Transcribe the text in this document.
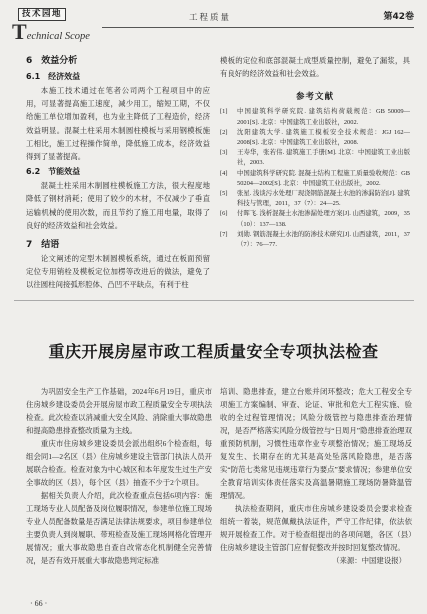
技术园地
Technical Scope
工程质量	第42卷
6　效益分析
6.1　经济效益

本施工技术通过在笔者公司两个工程项目中的应用，可显著提高施工速度，减少用工，缩短工期，不仅给施工单位增加盈利，也为业主降低了工程造价，经济效益明显。混凝土柱采用木制圆柱模板与采用钢模板施工相比，施工过程操作简单，降低施工成本，经济效益得到了显著提高。

6.2　节能效益

混凝土柱采用木制圆柱模板施工方法，很大程度地降低了钢材消耗；使用了较少的木材，不仅减少了垂直运输机械的使用次数，而且节约了施工用电量，取得了良好的经济效益和社会效益。

7　结语

论文阐述的定型木制圆模板系统，通过在板面预留定位专用销栓及模板定位加楞等改进后的做法，避免了以往圆柱间接弧形腔体、凸凹不平缺点，有利于柱

模板的定位和底部混凝土成型质量控制，避免了漏浆，具有良好的经济效益和社会效益。

参考文献
[1] 中国建筑科学研究院. 建筑结构荷载规范：GB 50009—2001[S]. 北京：中国建筑工业出版社，2002.
[2] 沈阳建筑大学. 建筑施工模板安全技术规范：JGJ 162—2008[S]. 北京：中国建筑工业出版社，2008.
[3] 王寿华，张若伟. 建筑施工手册[M]. 北京：中国建筑工业出版社，2003.
[4] 中国建筑科学研究院. 混凝土结构工程施工质量验收规范：GB 50204—2002[S]. 北京：中国建筑工业出版社，2002.
[5] 张星. 浅谈污水处理厂现浇钢筋混凝土水池的渗漏防治[J]. 建筑科技与管理，2011，37（7）：24—25.
[6] 付晖飞. 浅析混凝土水池渗漏处理方案[J]. 山西建筑，2009，35（10）：137—138.
[7] 刘勋. 钢筋混凝土水池的防渗技术研究[J]. 山西建筑，2011，37（7）：76—77.
重庆开展房屋市政工程质量安全专项执法检查

为巩固安全生产工作基础，2024年6月19日，重庆市住房城乡建设委员会开展房屋市政工程质量安全专项执法检查。此次检查以消减重大安全风险、消除重大事故隐患和提高隐患排查整改质量为主线。

重庆市住房城乡建设委员会派出组织6个检查组，每组会同1—2名区（县）住房城乡建设主管部门执法人员开展联合检查。检查对象为中心城区和本年度发生过生产安全事故的区（县），每个区（县）抽查不少于2个项目。

据相关负责人介绍，此次检查重点包括6项内容：施工现场专业人员配备及岗位履职情况，参建单位施工现场专业人员配备数量是否满足法律法规要求，项目参建单位主要负责人到岗履职、带班检查及施工现场网格化管理开展情况；重大事故隐患自查自改常态化机制健全完善情况，是否有效开展重大事故隐患判定标准

培训、隐患排查，建立台账并闭环整改；危大工程安全专项施工方案编制、审查、论证、审批和危大工程实施、验收的全过程管理情况；风险分级管控与隐患排查治理情况，是否严格落实风险分级管控与“日周月”隐患排查治理双重预防机制，习惯性违章作业专项整治情况；施工现场反复发生、长期存在的尤其是高处坠落风险隐患，是否落实“防范七类常见违规违章行为要点”要求情况；参建单位安全教育培训实体责任落实及高温暑期施工现场防暑降温管理情况。

执法检查期间，重庆市住房城乡建设委员会要求检查组统一着装，规范佩戴执法证件，严守工作纪律，依法依规开展检查工作。对于检查组提出的各项问题，各区（县）住房城乡建设主管部门应督促整改并按时回复整改情况。

（来源：中国建设报）

· 66 ·
